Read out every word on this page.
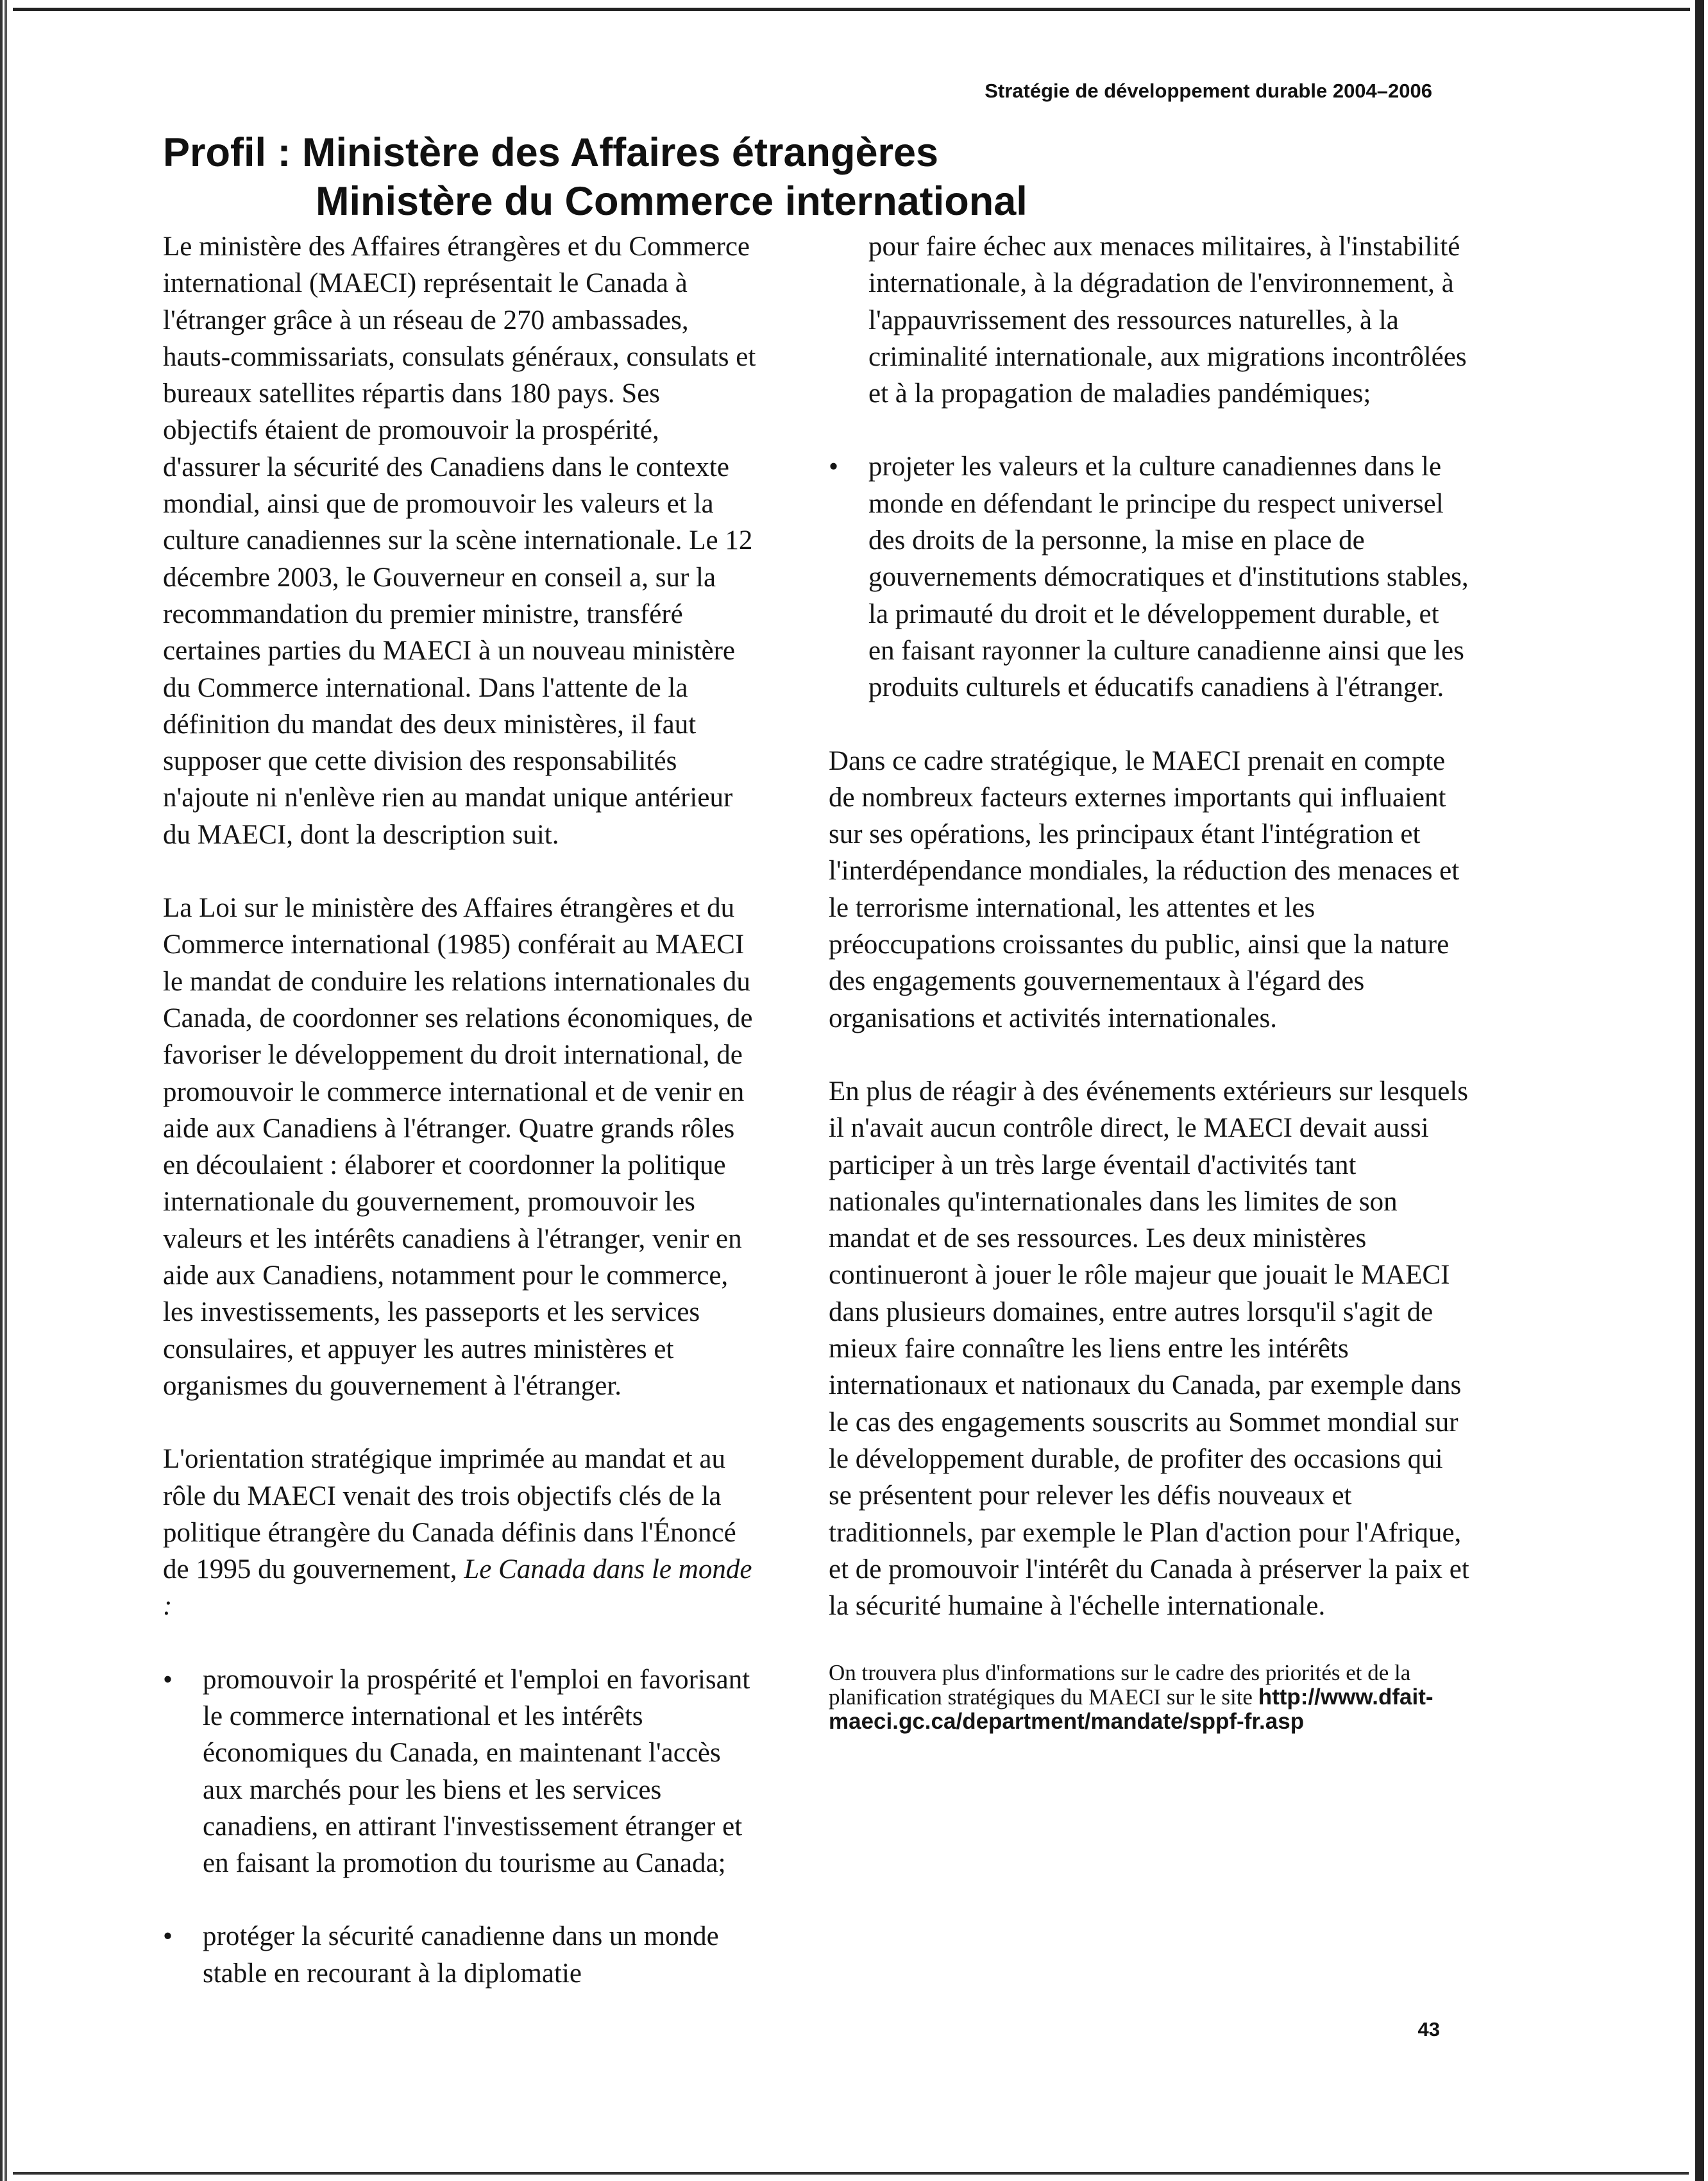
Stratégie de développement durable 2004–2006
Profil : Ministère des Affaires étrangères
Ministère du Commerce international

Le ministère des Affaires étrangères et du Commerce international (MAECI) représentait le Canada à l'étranger grâce à un réseau de 270 ambassades, hauts-commissariats, consulats généraux, consulats et bureaux satellites répartis dans 180 pays. Ses objectifs étaient de promouvoir la prospérité, d'assurer la sécurité des Canadiens dans le contexte mondial, ainsi que de promouvoir les valeurs et la culture canadiennes sur la scène internationale. Le 12 décembre 2003, le Gouverneur en conseil a, sur la recommandation du premier ministre, transféré certaines parties du MAECI à un nouveau ministère du Commerce international. Dans l'attente de la définition du mandat des deux ministères, il faut supposer que cette division des responsabilités n'ajoute ni n'enlève rien au mandat unique antérieur du MAECI, dont la description suit.

La Loi sur le ministère des Affaires étrangères et du Commerce international (1985) conférait au MAECI le mandat de conduire les relations internationales du Canada, de coordonner ses relations économiques, de favoriser le développement du droit international, de promouvoir le commerce international et de venir en aide aux Canadiens à l'étranger. Quatre grands rôles en découlaient : élaborer et coordonner la politique internationale du gouvernement, promouvoir les valeurs et les intérêts canadiens à l'étranger, venir en aide aux Canadiens, notamment pour le commerce, les investissements, les passeports et les services consulaires, et appuyer les autres ministères et organismes du gouvernement à l'étranger.

L'orientation stratégique imprimée au mandat et au rôle du MAECI venait des trois objectifs clés de la politique étrangère du Canada définis dans l'Énoncé de 1995 du gouvernement, Le Canada dans le monde :

• promouvoir la prospérité et l'emploi en favorisant le commerce international et les intérêts économiques du Canada, en maintenant l'accès aux marchés pour les biens et les services canadiens, en attirant l'investissement étranger et en faisant la promotion du tourisme au Canada;
• protéger la sécurité canadienne dans un monde stable en recourant à la diplomatie

pour faire échec aux menaces militaires, à l'instabilité internationale, à la dégradation de l'environnement, à l'appauvrissement des ressources naturelles, à la criminalité internationale, aux migrations incontrôlées et à la propagation de maladies pandémiques;

• projeter les valeurs et la culture canadiennes dans le monde en défendant le principe du respect universel des droits de la personne, la mise en place de gouvernements démocratiques et d'institutions stables, la primauté du droit et le développement durable, et en faisant rayonner la culture canadienne ainsi que les produits culturels et éducatifs canadiens à l'étranger.

Dans ce cadre stratégique, le MAECI prenait en compte de nombreux facteurs externes importants qui influaient sur ses opérations, les principaux étant l'intégration et l'interdépendance mondiales, la réduction des menaces et le terrorisme international, les attentes et les préoccupations croissantes du public, ainsi que la nature des engagements gouvernementaux à l'égard des organisations et activités internationales.

En plus de réagir à des événements extérieurs sur lesquels il n'avait aucun contrôle direct, le MAECI devait aussi participer à un très large éventail d'activités tant nationales qu'internationales dans les limites de son mandat et de ses ressources. Les deux ministères continueront à jouer le rôle majeur que jouait le MAECI dans plusieurs domaines, entre autres lorsqu'il s'agit de mieux faire connaître les liens entre les intérêts internationaux et nationaux du Canada, par exemple dans le cas des engagements souscrits au Sommet mondial sur le développement durable, de profiter des occasions qui se présentent pour relever les défis nouveaux et traditionnels, par exemple le Plan d'action pour l'Afrique, et de promouvoir l'intérêt du Canada à préserver la paix et la sécurité humaine à l'échelle internationale.

On trouvera plus d'informations sur le cadre des priorités et de la planification stratégiques du MAECI sur le site http://www.dfait-maeci.gc.ca/department/mandate/sppf-fr.asp

43
